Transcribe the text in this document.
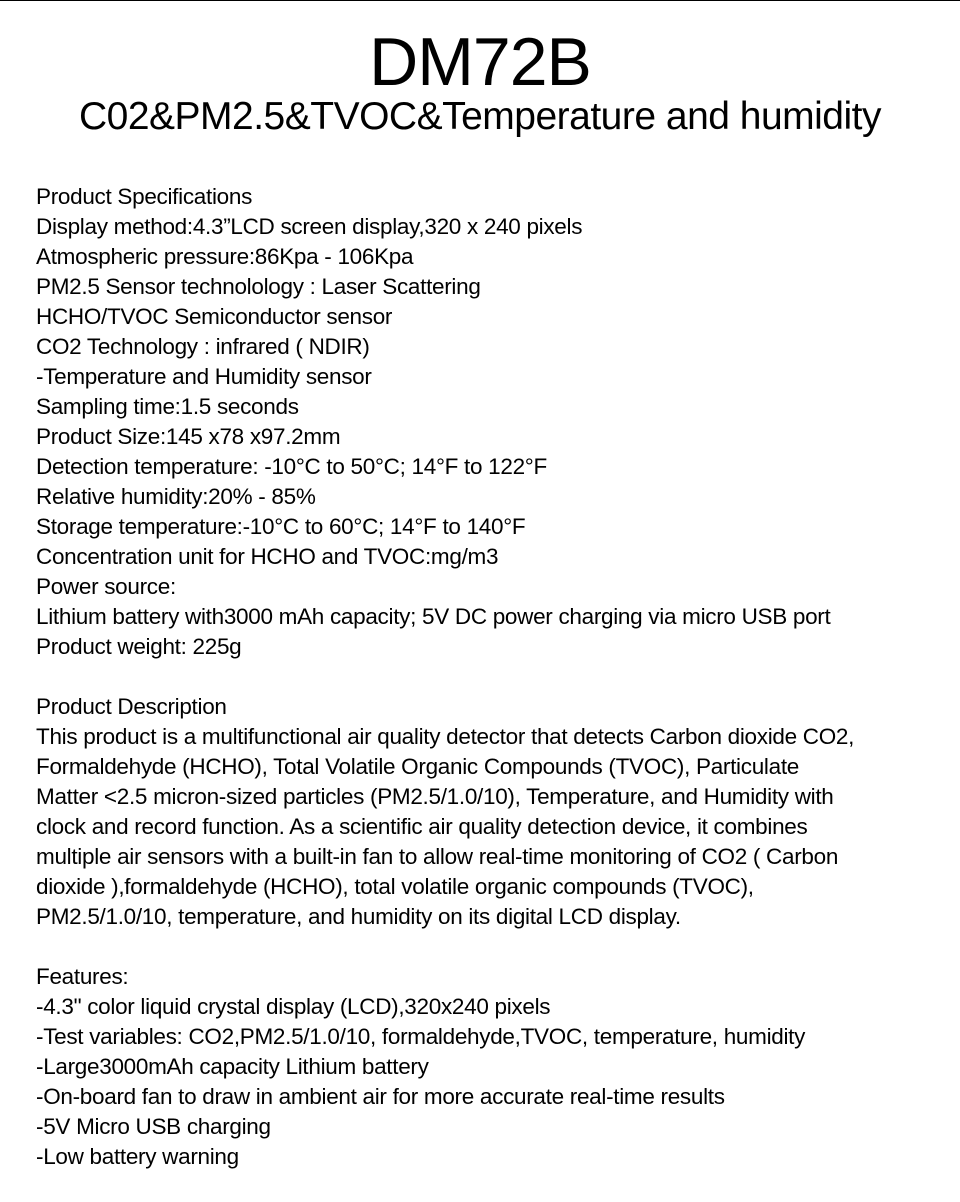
DM72B
C02&PM2.5&TVOC&Temperature and humidity
Product Specifications
Display method:4.3”LCD screen display,320 x 240 pixels
Atmospheric pressure:86Kpa - 106Kpa
PM2.5 Sensor technolology : Laser Scattering
HCHO/TVOC Semiconductor sensor
CO2 Technology : infrared ( NDIR)
-Temperature and Humidity sensor
Sampling time:1.5 seconds
Product Size:145 x78 x97.2mm
Detection temperature: -10°C to 50°C; 14°F to 122°F
Relative humidity:20% - 85%
Storage temperature:-10°C to 60°C; 14°F to 140°F
Concentration unit for HCHO and TVOC:mg/m3
Power source:
Lithium battery with3000 mAh capacity; 5V DC power charging via micro USB port
Product weight: 225g
Product Description
This product is a multifunctional air quality detector that detects Carbon dioxide CO2,
Formaldehyde (HCHO), Total Volatile Organic Compounds (TVOC), Particulate
Matter <2.5 micron-sized particles (PM2.5/1.0/10), Temperature, and Humidity with
clock and record function. As a scientific air quality detection device, it combines
multiple air sensors with a built-in fan to allow real-time monitoring of CO2 ( Carbon
dioxide ),formaldehyde (HCHO), total volatile organic compounds (TVOC),
PM2.5/1.0/10, temperature, and humidity on its digital LCD display.
Features:
-4.3" color liquid crystal display (LCD),320x240 pixels
-Test variables: CO2,PM2.5/1.0/10, formaldehyde,TVOC, temperature, humidity
-Large3000mAh capacity Lithium battery
-On-board fan to draw in ambient air for more accurate real-time results
-5V Micro USB charging
-Low battery warning
